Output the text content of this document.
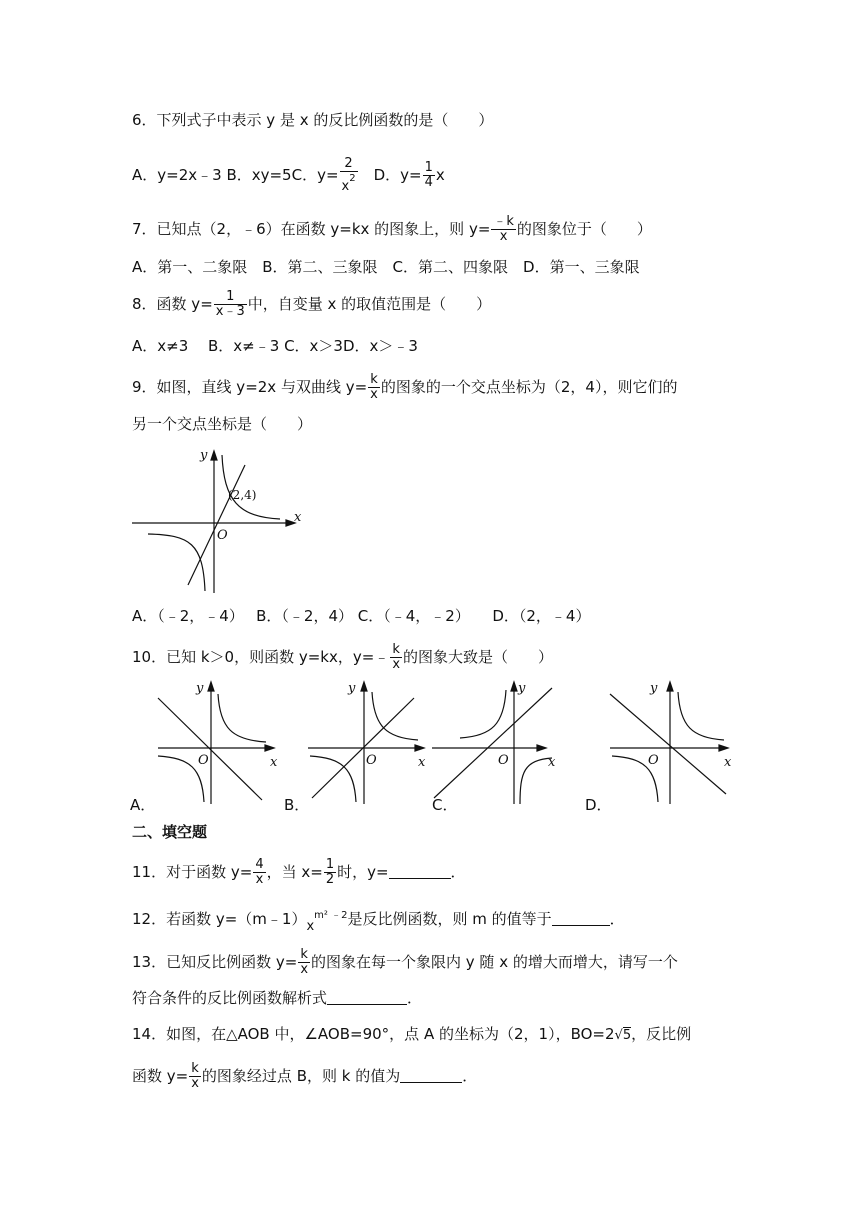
6．下列式子中表示 y 是 x 的反比例函数的是（　　）
A．y=2x﹣3 B．xy=5C．$y= \frac{2}{x^2}$ 　D．$y= \frac{1}{4}$ x
7．已知点（2，﹣6）在函数 y=kx 的图象上，则 $y= \frac{﹣k}{x}$ 的图象位于（　　）
A．第一、二象限　B．第二、三象限　C．第二、四象限　D．第一、三象限
8．函数 $y= \frac{1}{x﹣3}$ 中，自变量 x 的取值范围是（　　）
A．x≠3　 B．x≠﹣3 C．x＞3D．x＞﹣3
9．如图，直线 y=2x 与双曲线 $y= \frac{k}{x}$ 的图象的一个交点坐标为（2，4），则它们的
另一个交点坐标是（　　）
y
x
O
(2,4)
A．（﹣2，﹣4）　 B．（﹣2，4） C．（﹣4，﹣2）　　D．（2，﹣4）
10．已知 k＞0，则函数 y=kx，y=﹣ $\frac{k}{x}$ 的图象大致是（　　）
y
x
O
y
x
O
y
x
O
y
x
O
A．	B．	C．	D．
二、填空题
11．对于函数 $y= \frac{4}{x}$ ，当 $x= \frac{1}{2}$ 时，y=	．
12．若函数 $y=(m﹣1)x^{m^2 ﹣2}$是反比例函数，则 m 的值等于	．
13．已知反比例函数 $y= \frac{k}{x}$ 的图象在每一个象限内 y 随 x 的增大而增大，请写一个
符合条件的反比例函数解析式	．
14．如图，在△AOB 中，∠AOB=90°，点 A 的坐标为（2，1），BO=2√5，反比例
函数 $y= \frac{k}{x}$ 的图象经过点 B，则 k 的值为	．
